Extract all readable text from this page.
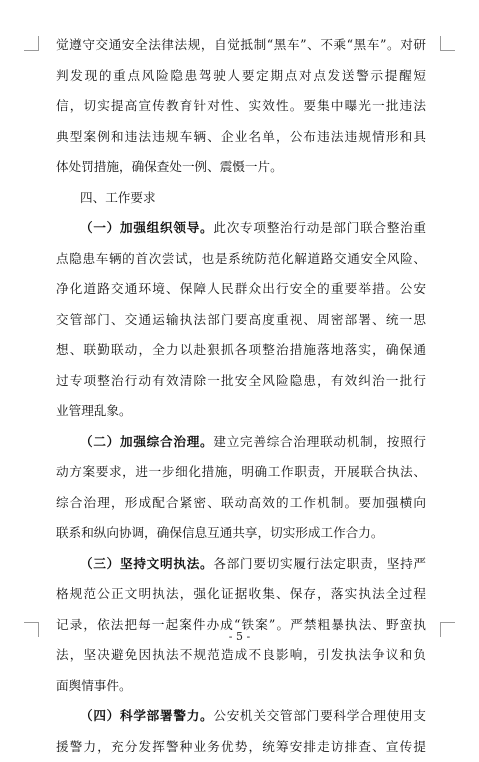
觉遵守交通安全法律法规，自觉抵制“黑车”、不乘“黑车”。对研
判发现的重点风险隐患驾驶人要定期点对点发送警示提醒短
信，切实提高宣传教育针对性、实效性。要集中曝光一批违法
典型案例和违法违规车辆、企业名单，公布违法违规情形和具
体处罚措施，确保查处一例、震慑一片。
四、工作要求
（一）加强组织领导。此次专项整治行动是部门联合整治重
点隐患车辆的首次尝试，也是系统防范化解道路交通安全风险、
净化道路交通环境、保障人民群众出行安全的重要举措。公安
交管部门、交通运输执法部门要高度重视、周密部署、统一思
想、联勤联动，全力以赴狠抓各项整治措施落地落实，确保通
过专项整治行动有效清除一批安全风险隐患，有效纠治一批行
业管理乱象。
（二）加强综合治理。建立完善综合治理联动机制，按照行
动方案要求，进一步细化措施，明确工作职责，开展联合执法、
综合治理，形成配合紧密、联动高效的工作机制。要加强横向
联系和纵向协调，确保信息互通共享，切实形成工作合力。
（三）坚持文明执法。各部门要切实履行法定职责，坚持严
格规范公正文明执法，强化证据收集、保存，落实执法全过程
记录，依法把每一起案件办成“铁案”。严禁粗暴执法、野蛮执
法，坚决避免因执法不规范造成不良影响，引发执法争议和负
面舆情事件。
（四）科学部署警力。公安机关交管部门要科学合理使用支
援警力，充分发挥警种业务优势，统筹安排走访排查、宣传提
- 5 -
